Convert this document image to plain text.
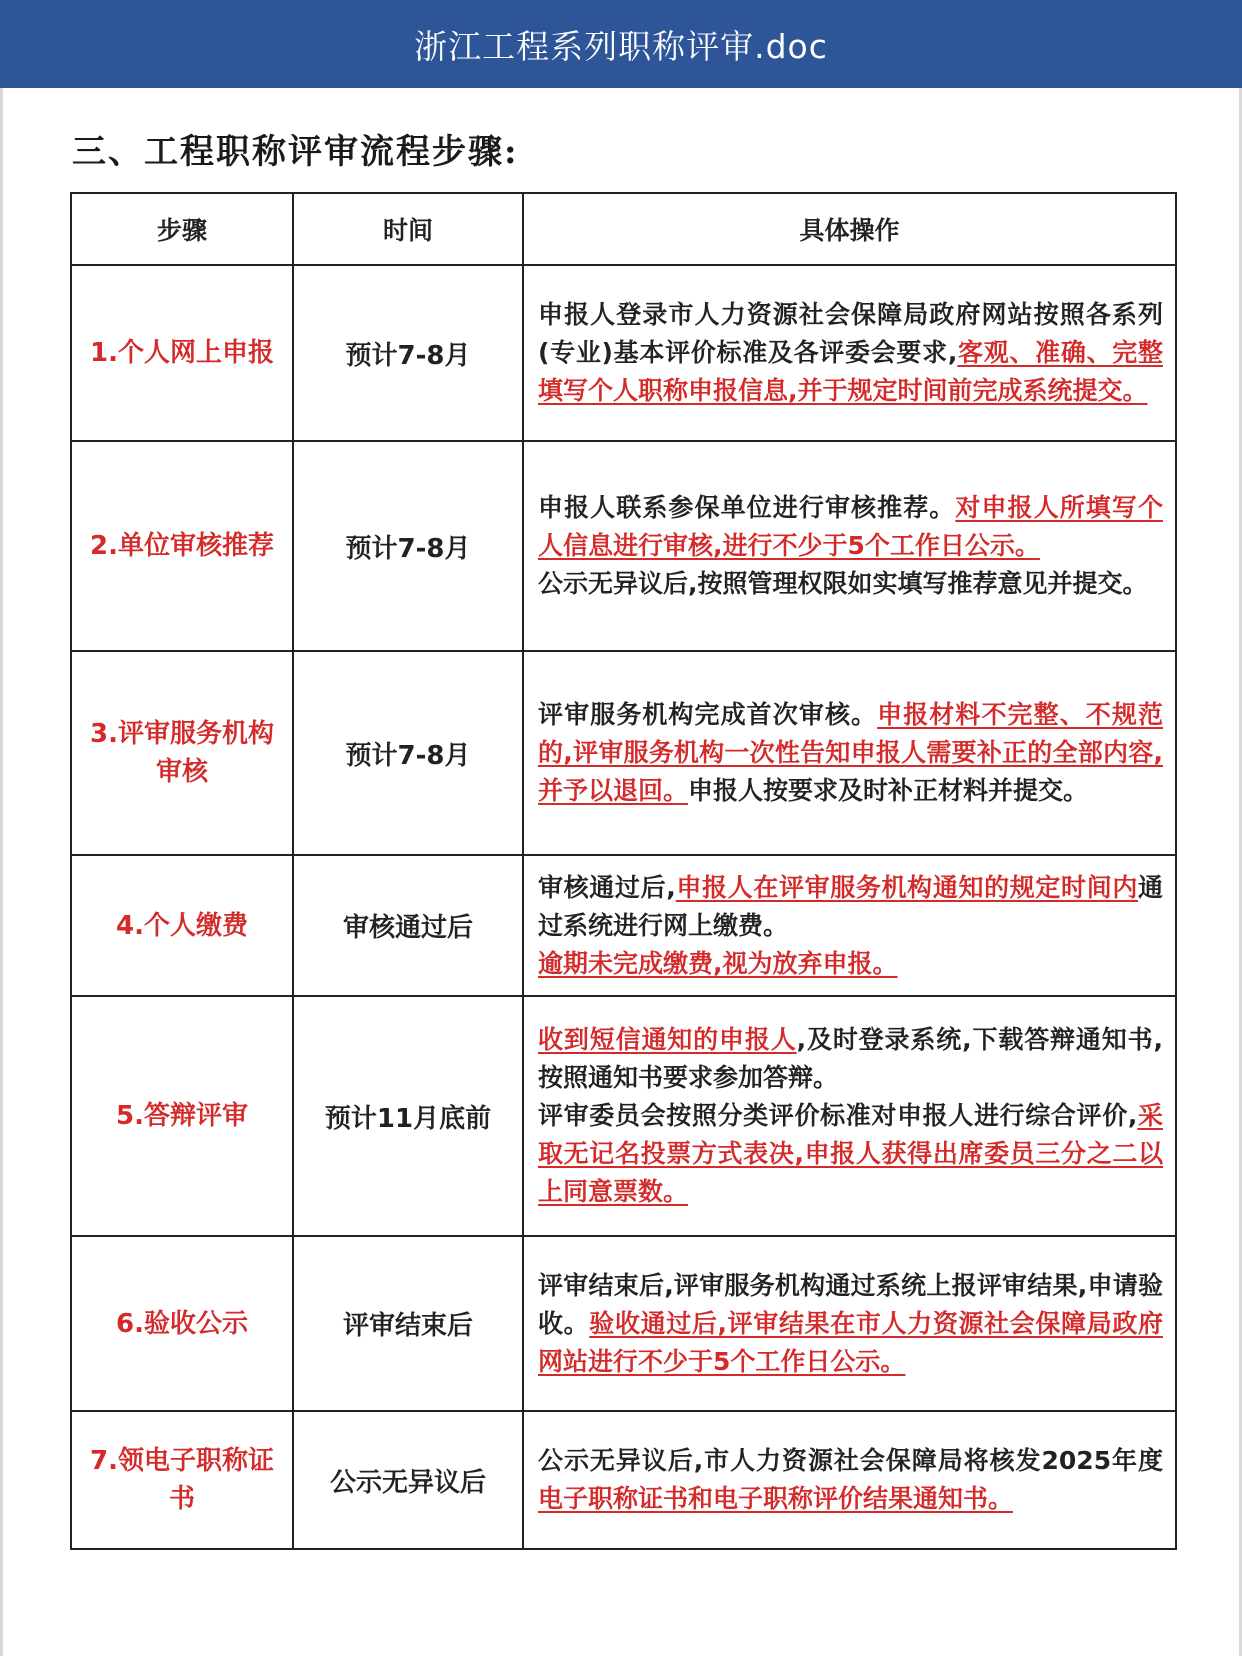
浙江工程系列职称评审.doc
三、工程职称评审流程步骤:
步骤	时间	具体操作
1.个人网上申报	预计7-8月	申报人登录市人力资源社会保障局政府网站按照各系列(专业)基本评价标准及各评委会要求,客观、准确、完整填写个人职称申报信息,并于规定时间前完成系统提交。
2.单位审核推荐	预计7-8月	申报人联系参保单位进行审核推荐。对申报人所填写个人信息进行审核,进行不少于5个工作日公示。
公示无异议后,按照管理权限如实填写推荐意见并提交。
3.评审服务机构审核	预计7-8月	评审服务机构完成首次审核。申报材料不完整、不规范的,评审服务机构一次性告知申报人需要补正的全部内容,并予以退回。申报人按要求及时补正材料并提交。
4.个人缴费	审核通过后	审核通过后,申报人在评审服务机构通知的规定时间内通过系统进行网上缴费。
逾期未完成缴费,视为放弃申报。
5.答辩评审	预计11月底前	收到短信通知的申报人,及时登录系统,下载答辩通知书,按照通知书要求参加答辩。
评审委员会按照分类评价标准对申报人进行综合评价,采取无记名投票方式表决,申报人获得出席委员三分之二以上同意票数。
6.验收公示	评审结束后	评审结束后,评审服务机构通过系统上报评审结果,申请验收。验收通过后,评审结果在市人力资源社会保障局政府网站进行不少于5个工作日公示。
7.领电子职称证书	公示无异议后	公示无异议后,市人力资源社会保障局将核发2025年度电子职称证书和电子职称评价结果通知书。
